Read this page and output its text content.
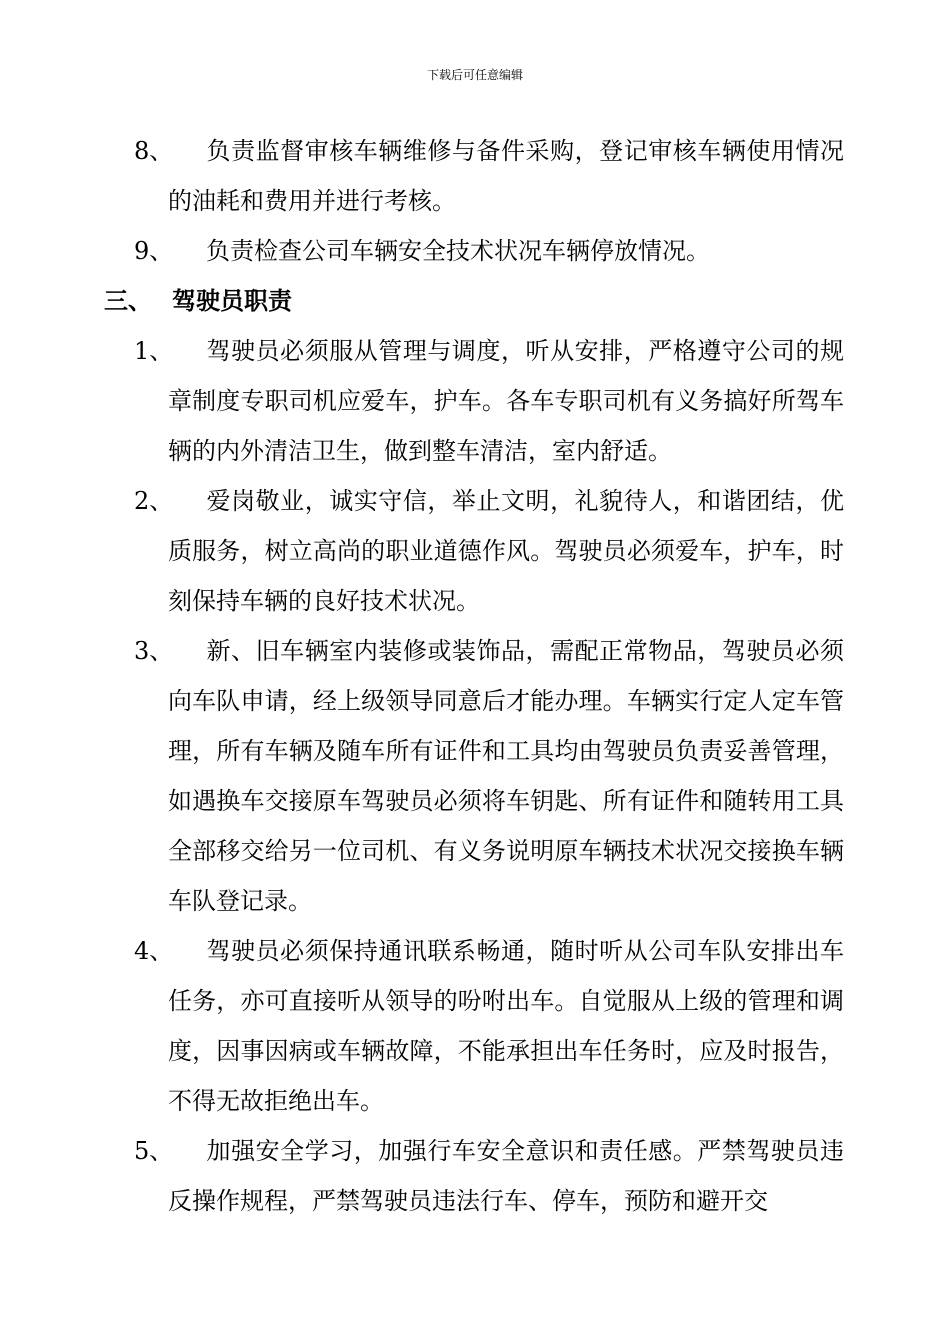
下载后可任意编辑
8、 负责监督审核车辆维修与备件采购，登记审核车辆使用情况的油耗和费用并进行考核。
9、 负责检查公司车辆安全技术状况车辆停放情况。
三、 驾驶员职责
1、 驾驶员必须服从管理与调度，听从安排，严格遵守公司的规章制度专职司机应爱车，护车。各车专职司机有义务搞好所驾车辆的内外清洁卫生，做到整车清洁，室内舒适。
2、 爱岗敬业，诚实守信，举止文明，礼貌待人，和谐团结，优质服务，树立高尚的职业道德作风。驾驶员必须爱车，护车，时刻保持车辆的良好技术状况。
3、 新、旧车辆室内装修或装饰品，需配正常物品，驾驶员必须向车队申请，经上级领导同意后才能办理。车辆实行定人定车管理，所有车辆及随车所有证件和工具均由驾驶员负责妥善管理，如遇换车交接原车驾驶员必须将车钥匙、所有证件和随转用工具全部移交给另一位司机、有义务说明原车辆技术状况交接换车辆车队登记录。
4、 驾驶员必须保持通讯联系畅通，随时听从公司车队安排出车任务，亦可直接听从领导的吩咐出车。自觉服从上级的管理和调度，因事因病或车辆故障，不能承担出车任务时，应及时报告，不得无故拒绝出车。
5、 加强安全学习，加强行车安全意识和责任感。严禁驾驶员违反操作规程，严禁驾驶员违法行车、停车，预防和避开交
